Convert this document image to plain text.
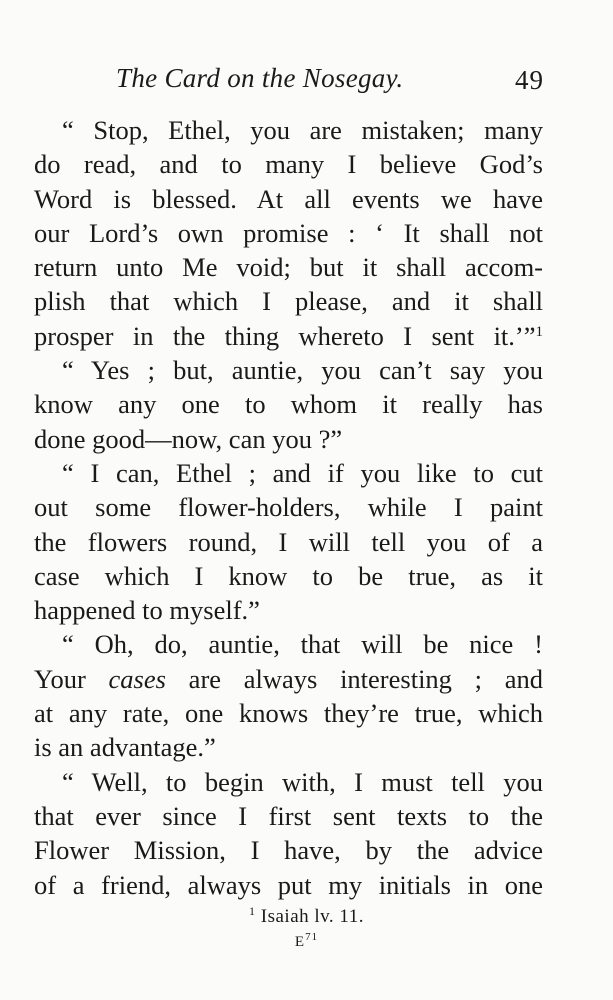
The Card on the Nosegay.	49
“ Stop, Ethel, you are mistaken; many
do read, and to many I believe God’s
Word is blessed. At all events we have
our Lord’s own promise : ‘ It shall not
return unto Me void; but it shall accom-
plish that which I please, and it shall
prosper in the thing whereto I sent it.’”$^1$
“ Yes ; but, auntie, you can’t say you
know any one to whom it really has
done good—now, can you ?”
“ I can, Ethel ; and if you like to cut
out some flower-holders, while I paint
the flowers round, I will tell you of a
case which I know to be true, as it
happened to myself.”
“ Oh, do, auntie, that will be nice !
Your cases are always interesting ; and
at any rate, one knows they’re true, which
is an advantage.”
“ Well, to begin with, I must tell you
that ever since I first sent texts to the
Flower Mission, I have, by the advice
of a friend, always put my initials in one
$^1$ Isaiah lv. 11.
$E^{71}$
